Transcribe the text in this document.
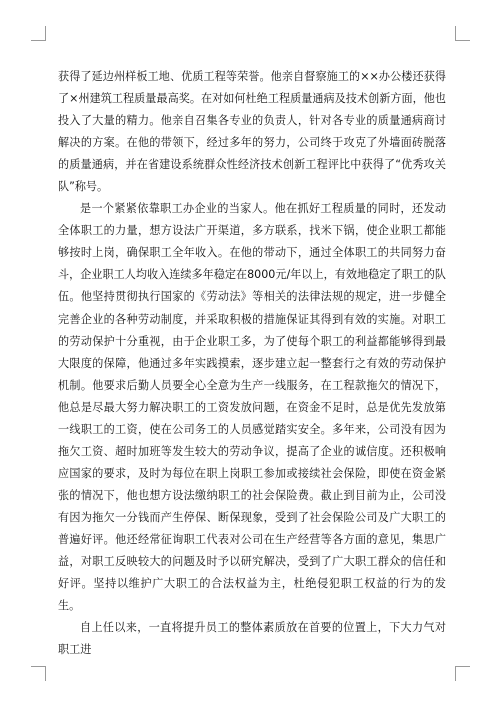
获得了延边州样板工地、优质工程等荣誉。他亲自督察施工的××办公楼还获得了×州建筑工程质量最高奖。在对如何杜绝工程质量通病及技术创新方面，他也投入了大量的精力。他亲自召集各专业的负责人，针对各专业的质量通病商讨解决的方案。在他的带领下，经过多年的努力，公司终于攻克了外墙面砖脱落的质量通病，并在省建设系统群众性经济技术创新工程评比中获得了“优秀攻关队”称号。

是一个紧紧依靠职工办企业的当家人。他在抓好工程质量的同时，还发动全体职工的力量，想方设法广开渠道，多方联系，找米下锅，使企业职工都能够按时上岗，确保职工全年收入。在他的带动下，通过全体职工的共同努力奋斗，企业职工人均收入连续多年稳定在8000元/年以上，有效地稳定了职工的队伍。他坚持贯彻执行国家的《劳动法》等相关的法律法规的规定，进一步健全完善企业的各种劳动制度，并采取积极的措施保证其得到有效的实施。对职工的劳动保护十分重视，由于企业职工多，为了使每个职工的利益都能够得到最大限度的保障，他通过多年实践摸索，逐步建立起一整套行之有效的劳动保护机制。他要求后勤人员要全心全意为生产一线服务，在工程款拖欠的情况下，他总是尽最大努力解决职工的工资发放问题，在资金不足时，总是优先发放第一线职工的工资，使在公司务工的人员感觉踏实安全。多年来，公司没有因为拖欠工资、超时加班等发生较大的劳动争议，提高了企业的诚信度。还积极响应国家的要求，及时为每位在职上岗职工参加或接续社会保险，即使在资金紧张的情况下，他也想方设法缴纳职工的社会保险费。截止到目前为止，公司没有因为拖欠一分钱而产生停保、断保现象，受到了社会保险公司及广大职工的普遍好评。他还经常征询职工代表对公司在生产经营等各方面的意见，集思广益，对职工反映较大的问题及时予以研究解决，受到了广大职工群众的信任和好评。坚持以维护广大职工的合法权益为主，杜绝侵犯职工权益的行为的发生。

自上任以来，一直将提升员工的整体素质放在首要的位置上，下大力气对职工进
